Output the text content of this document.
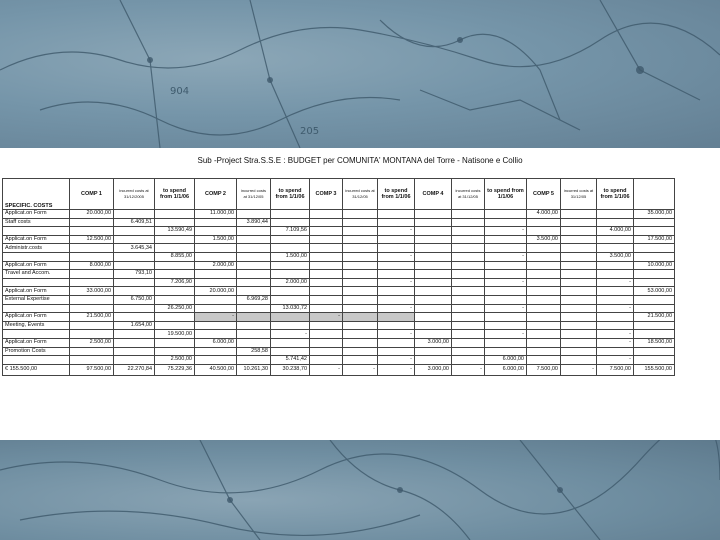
904
205
Sub -Project Stra.S.S.E : BUDGET per COMUNITA' MONTANA del Torre - Natisone e Collio
SPECIFIC. COSTS	COMP 1	incurred costs at 31/12/2005	to spend from 1/1/06	COMP 2	incurred costs at 31/12/05	to spend from 1/1/06	COMP 3	incurred costs at 31/12/05	to spend from 1/1/06	COMP 4	incurred costs at 31/12/05	to spend from 1/1/06	COMP 5	incurred costs at 31/12/05	to spend from 1/1/06	
Applicat.on Form	20.000,00			11.000,00									4.000,00			35.000,00
Staff costs		6.409,51			3.890,44											
			13.590,49			7.109,56			-			-			4.000,00	
Applicat.on Form	12.500,00			1.500,00									3.500,00			17.500,00
Administr.costs		3.645,34														
			8.855,00			1.500,00			-			-			3.500,00	
Applicat.on Form	8.000,00			2.000,00												10.000,00
Travel and Accom.		793,10														
			7.206,90			2.000,00			-			-			-	
Applicat.on Form	33.000,00			20.000,00												53.000,00
External Expertise		6.750,00			6.969,28											
			26.250,00			13.030,72			-			-			-	
Applicat.on Form	21.500,00			-			-									21.500,00
Meeting, Events		1.654,00														
			19.500,00			-			-			-			-	
Applicat.on Form	2.500,00			6.000,00						3.000,00					-	18.500,00
Promotion Costs					258,58											
			2.500,00			5.741,42			-			6.000,00			-	
€ 155.500,00	97.500,00	22.270,84	75.229,36	40.500,00	10.261,30	30.238,70	-	-	-	3.000,00	-	6.000,00	7.500,00	-	7.500,00	155.500,00
